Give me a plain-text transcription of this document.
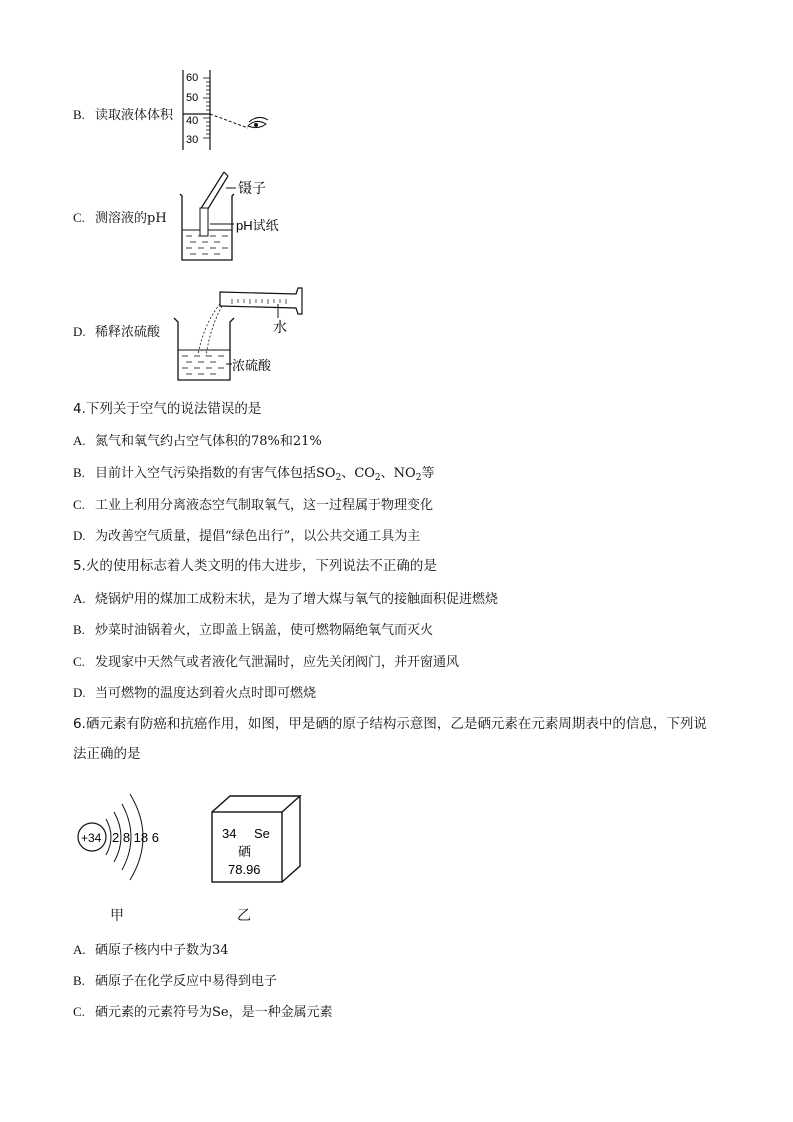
B. 读取液体体积
60
50
40
30
C. 测溶液的pH
镊子
pH试纸
D. 稀释浓硫酸	水
浓硫酸
4.下列关于空气的说法错误的是
A. 氮气和氧气约占空气体积的78%和21%
B. 目前计入空气污染指数的有害气体包括$SO_2$、$CO_2$、$NO_2$等
C. 工业上利用分离液态空气制取氧气，这一过程属于物理变化
D. 为改善空气质量，提倡“绿色出行”，以公共交通工具为主
5.火的使用标志着人类文明的伟大进步，下列说法不正确的是
A. 烧锅炉用的煤加工成粉末状，是为了增大煤与氧气的接触面积促进燃烧
B. 炒菜时油锅着火，立即盖上锅盖，使可燃物隔绝氧气而灭火
C. 发现家中天然气或者液化气泄漏时，应先关闭阀门，并开窗通风
D. 当可燃物的温度达到着火点时即可燃烧
6.硒元素有防癌和抗癌作用，如图，甲是硒的原子结构示意图，乙是硒元素在元素周期表中的信息，下列说
法正确的是
+34 2 8 18 6
甲
34 Se
硒
78.96
乙
A. 硒原子核内中子数为34
B. 硒原子在化学反应中易得到电子
C. 硒元素的元素符号为Se，是一种金属元素
